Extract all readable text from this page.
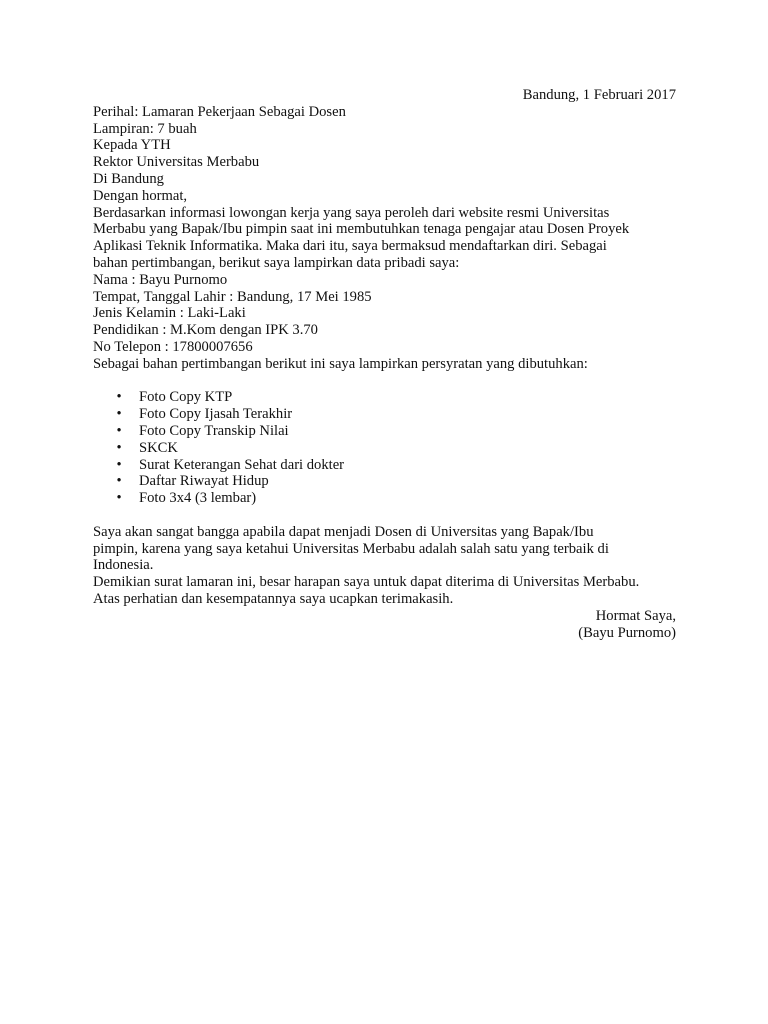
Bandung, 1 Februari 2017
Perihal: Lamaran Pekerjaan Sebagai Dosen
Lampiran: 7 buah
Kepada YTH
Rektor Universitas Merbabu
Di Bandung
Dengan hormat,
Berdasarkan informasi lowongan kerja yang saya peroleh dari website resmi Universitas
Merbabu yang Bapak/Ibu pimpin saat ini membutuhkan tenaga pengajar atau Dosen Proyek
Aplikasi Teknik Informatika. Maka dari itu, saya bermaksud mendaftarkan diri. Sebagai
bahan pertimbangan, berikut saya lampirkan data pribadi saya:
Nama : Bayu Purnomo
Tempat, Tanggal Lahir : Bandung, 17 Mei 1985
Jenis Kelamin : Laki-Laki
Pendidikan : M.Kom dengan IPK 3.70
No Telepon : 17800007656
Sebagai bahan pertimbangan berikut ini saya lampirkan persyratan yang dibutuhkan:
• Foto Copy KTP
• Foto Copy Ijasah Terakhir
• Foto Copy Transkip Nilai
• SKCK
• Surat Keterangan Sehat dari dokter
• Daftar Riwayat Hidup
• Foto 3x4 (3 lembar)
Saya akan sangat bangga apabila dapat menjadi Dosen di Universitas yang Bapak/Ibu
pimpin, karena yang saya ketahui Universitas Merbabu adalah salah satu yang terbaik di
Indonesia.
Demikian surat lamaran ini, besar harapan saya untuk dapat diterima di Universitas Merbabu.
Atas perhatian dan kesempatannya saya ucapkan terimakasih.
Hormat Saya,
(Bayu Purnomo)
